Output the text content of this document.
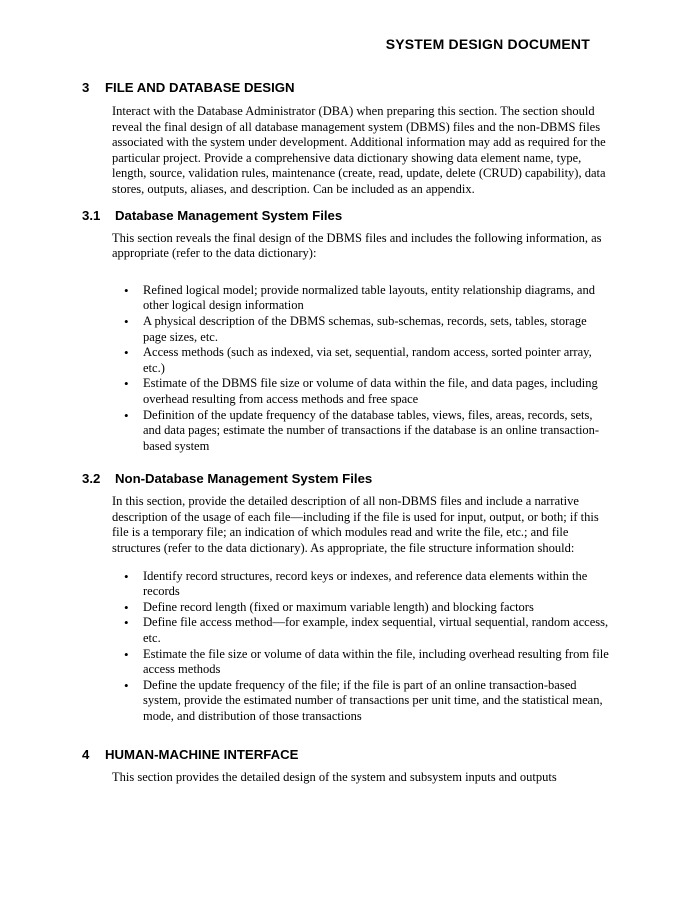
SYSTEM DESIGN DOCUMENT
3	FILE AND DATABASE DESIGN

Interact with the Database Administrator (DBA) when preparing this section. The section should reveal the final design of all database management system (DBMS) files and the non-DBMS files associated with the system under development. Additional information may add as required for the particular project. Provide a comprehensive data dictionary showing data element name, type, length, source, validation rules, maintenance (create, read, update, delete (CRUD) capability), data stores, outputs, aliases, and description. Can be included as an appendix.

3.1	Database Management System Files

This section reveals the final design of the DBMS files and includes the following information, as appropriate (refer to the data dictionary):

• Refined logical model; provide normalized table layouts, entity relationship diagrams, and other logical design information
• A physical description of the DBMS schemas, sub-schemas, records, sets, tables, storage page sizes, etc.
• Access methods (such as indexed, via set, sequential, random access, sorted pointer array, etc.)
• Estimate of the DBMS file size or volume of data within the file, and data pages, including overhead resulting from access methods and free space
• Definition of the update frequency of the database tables, views, files, areas, records, sets, and data pages; estimate the number of transactions if the database is an online transaction-based system
3.2	Non-Database Management System Files

In this section, provide the detailed description of all non-DBMS files and include a narrative description of the usage of each file—including if the file is used for input, output, or both; if this file is a temporary file; an indication of which modules read and write the file, etc.; and file structures (refer to the data dictionary). As appropriate, the file structure information should:

• Identify record structures, record keys or indexes, and reference data elements within the records
• Define record length (fixed or maximum variable length) and blocking factors
• Define file access method—for example, index sequential, virtual sequential, random access, etc.
• Estimate the file size or volume of data within the file, including overhead resulting from file access methods
• Define the update frequency of the file; if the file is part of an online transaction-based system, provide the estimated number of transactions per unit time, and the statistical mean, mode, and distribution of those transactions
4	HUMAN-MACHINE INTERFACE

This section provides the detailed design of the system and subsystem inputs and outputs
